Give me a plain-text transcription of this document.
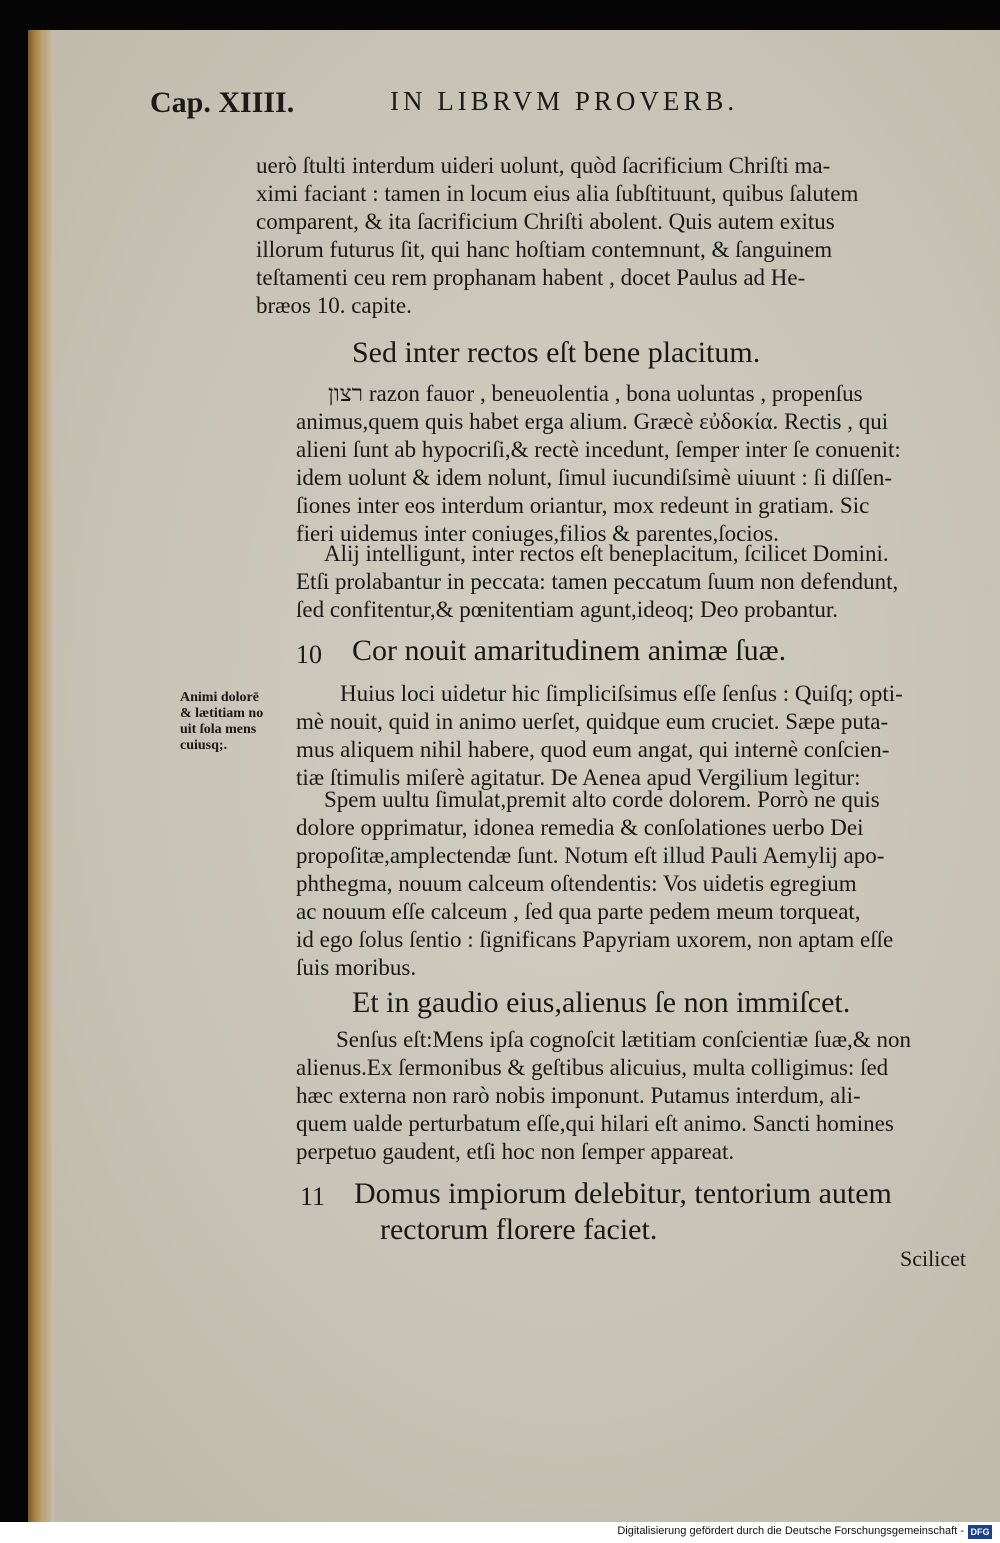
Cap. XIIII.	IN LIBRVM PROVERB.
uerò ſtulti interdum uideri uolunt, quòd ſacrificium Chriſti ma-
ximi faciant : tamen in locum eius alia ſubſtituunt, quibus ſalutem
comparent, & ita ſacrificium Chriſti abolent. Quis autem exitus
illorum futurus ſit, qui hanc hoſtiam contemnunt, & ſanguinem
teſtamenti ceu rem prophanam habent , docet Paulus ad He-
bræos 10. capite.
Sed inter rectos eſt bene placitum.
רצון razon fauor , beneuolentia , bona uoluntas , propenſus
animus,quem quis habet erga alium. Græcè εὐδοκία. Rectis , qui
alieni ſunt ab hypocriſi,& rectè incedunt, ſemper inter ſe conuenit:
idem uolunt & idem nolunt, ſimul iucundiſsimè uiuunt : ſi diſſen-
ſiones inter eos interdum oriantur, mox redeunt in gratiam. Sic
fieri uidemus inter coniuges,filios & parentes,ſocios.
Alij intelligunt, inter rectos eſt beneplacitum, ſcilicet Domini.
Etſi prolabantur in peccata: tamen peccatum ſuum non defendunt,
ſed confitentur,& pœnitentiam agunt,ideoq; Deo probantur.
10 Cor nouit amaritudinem animæ ſuæ.
Animi dolorē
& lætitiam no
uit ſola mens
cuiusq;.
Huius loci uidetur hic ſimpliciſsimus eſſe ſenſus : Quiſq; opti-
mè nouit, quid in animo uerſet, quidque eum cruciet. Sæpe puta-
mus aliquem nihil habere, quod eum angat, qui internè conſcien-
tiæ ſtimulis miſerè agitatur. De Aenea apud Vergilium legitur:
Spem uultu ſimulat,premit alto corde dolorem. Porrò ne quis
dolore opprimatur, idonea remedia & conſolationes uerbo Dei
propoſitæ,amplectendæ ſunt. Notum eſt illud Pauli Aemylij apo-
phthegma, nouum calceum oſtendentis: Vos uidetis egregium
ac nouum eſſe calceum , ſed qua parte pedem meum torqueat,
id ego ſolus ſentio : ſignificans Papyriam uxorem, non aptam eſſe
ſuis moribus.
Et in gaudio eius,alienus ſe non immiſcet.
Senſus eſt:Mens ipſa cognoſcit lætitiam conſcientiæ ſuæ,& non
alienus.Ex ſermonibus & geſtibus alicuius, multa colligimus: ſed
hæc externa non rarò nobis imponunt. Putamus interdum, ali-
quem ualde perturbatum eſſe,qui hilari eſt animo. Sancti homines
perpetuo gaudent, etſi hoc non ſemper appareat.
11 Domus impiorum delebitur, tentorium autem
rectorum florere faciet.
Scilicet
Digitalisierung gefördert durch die Deutsche Forschungsgemeinschaft - DFG
